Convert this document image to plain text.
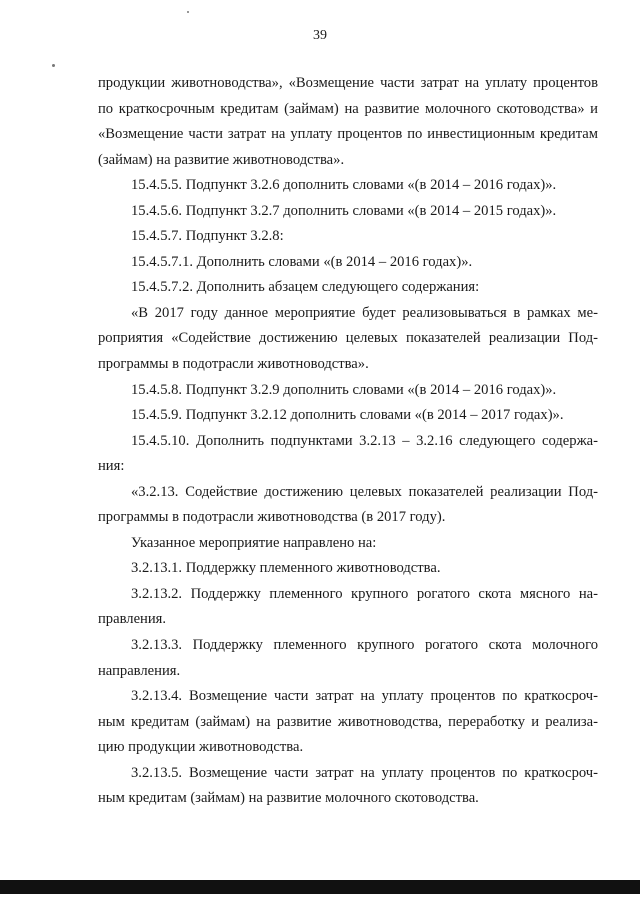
39
продукции животноводства», «Возмещение части затрат на уплату процентов
по краткосрочным кредитам (займам) на развитие молочного скотоводства» и
«Возмещение части затрат на уплату процентов по инвестиционным кредитам
(займам) на развитие животноводства».
15.4.5.5. Подпункт 3.2.6 дополнить словами «(в 2014 – 2016 годах)».
15.4.5.6. Подпункт 3.2.7 дополнить словами «(в 2014 – 2015 годах)».
15.4.5.7. Подпункт 3.2.8:
15.4.5.7.1. Дополнить словами «(в 2014 – 2016 годах)».
15.4.5.7.2. Дополнить абзацем следующего содержания:
«В 2017 году данное мероприятие будет реализовываться в рамках ме-
роприятия «Содействие достижению целевых показателей реализации Под-
программы в подотрасли животноводства».
15.4.5.8. Подпункт 3.2.9 дополнить словами «(в 2014 – 2016 годах)».
15.4.5.9. Подпункт 3.2.12 дополнить словами «(в 2014 – 2017 годах)».
15.4.5.10. Дополнить подпунктами 3.2.13 – 3.2.16 следующего содержа-
ния:
«3.2.13. Содействие достижению целевых показателей реализации Под-
программы в подотрасли животноводства (в 2017 году).
Указанное мероприятие направлено на:
3.2.13.1. Поддержку племенного животноводства.
3.2.13.2. Поддержку племенного крупного рогатого скота мясного на-
правления.
3.2.13.3. Поддержку племенного крупного рогатого скота молочного
направления.
3.2.13.4. Возмещение части затрат на уплату процентов по краткосроч-
ным кредитам (займам) на развитие животноводства, переработку и реализа-
цию продукции животноводства.
3.2.13.5. Возмещение части затрат на уплату процентов по краткосроч-
ным кредитам (займам) на развитие молочного скотоводства.
